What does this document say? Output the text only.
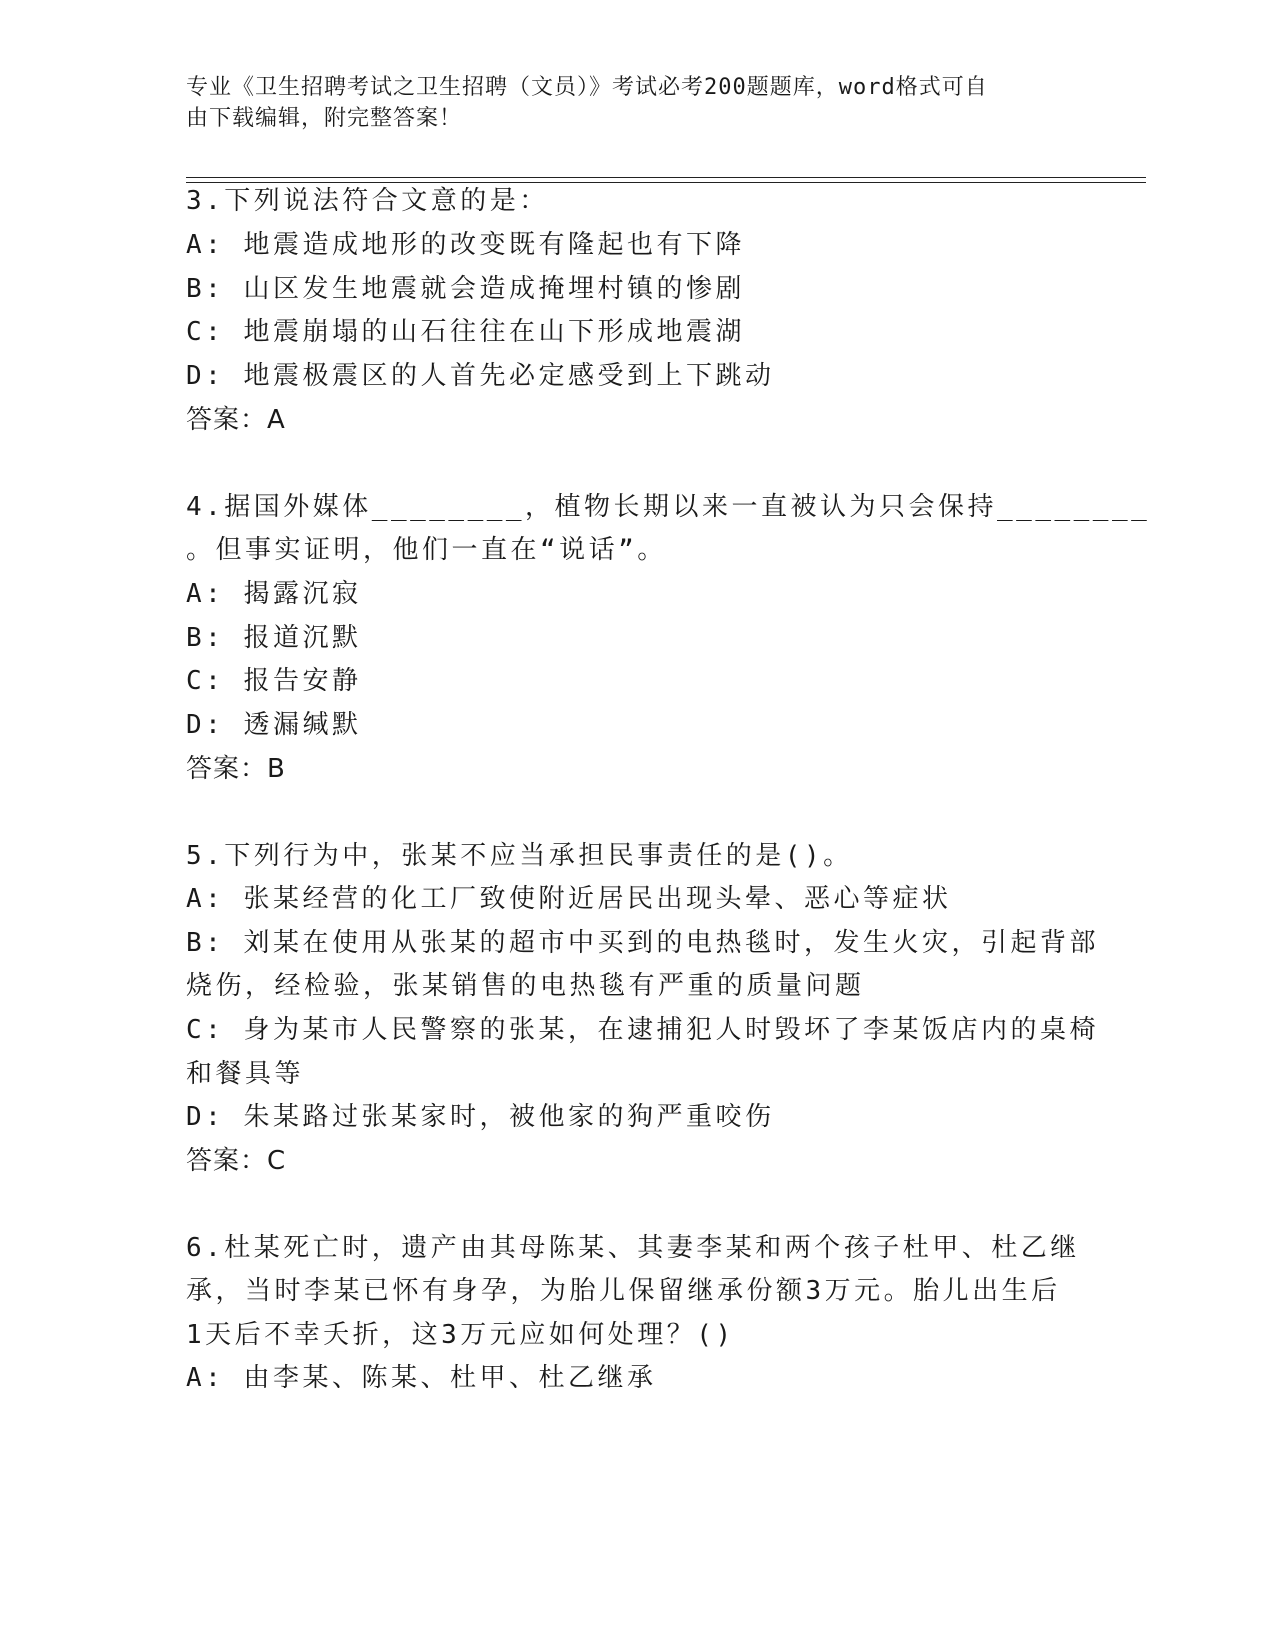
专业《卫生招聘考试之卫生招聘（文员）》考试必考200题题库，word格式可自
由下载编辑，附完整答案！
3.下列说法符合文意的是：
A: 地震造成地形的改变既有隆起也有下降
B: 山区发生地震就会造成掩埋村镇的惨剧
C: 地震崩塌的山石往往在山下形成地震湖
D: 地震极震区的人首先必定感受到上下跳动
答案：A
4.据国外媒体________，植物长期以来一直被认为只会保持________
。但事实证明，他们一直在“说话”。
A: 揭露沉寂
B: 报道沉默
C: 报告安静
D: 透漏缄默
答案：B
5.下列行为中，张某不应当承担民事责任的是()。
A: 张某经营的化工厂致使附近居民出现头晕、恶心等症状
B: 刘某在使用从张某的超市中买到的电热毯时，发生火灾，引起背部
烧伤，经检验，张某销售的电热毯有严重的质量问题
C: 身为某市人民警察的张某，在逮捕犯人时毁坏了李某饭店内的桌椅
和餐具等
D: 朱某路过张某家时，被他家的狗严重咬伤
答案：C
6.杜某死亡时，遗产由其母陈某、其妻李某和两个孩子杜甲、杜乙继
承，当时李某已怀有身孕，为胎儿保留继承份额3万元。胎儿出生后
1天后不幸夭折，这3万元应如何处理？()
A: 由李某、陈某、杜甲、杜乙继承
